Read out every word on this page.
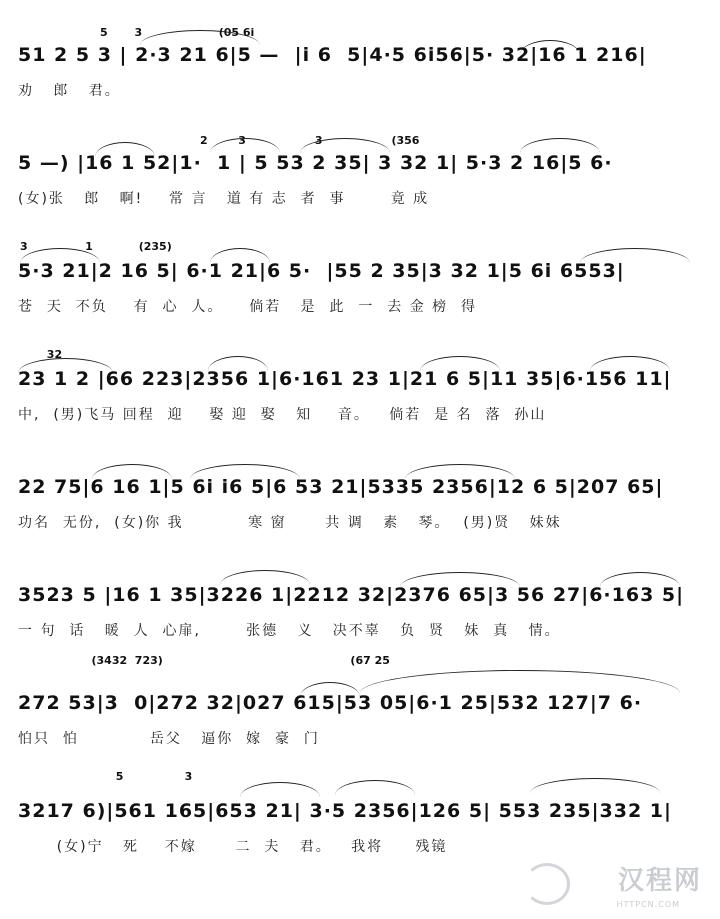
5       3                    (05 6i
51 2 5 3 | 2·3 21 6|5 —  |i 6  5|4·5 6i56|5· 32|16 1 216|
劝   郎   君。
2        3                  3                  (356
5 —) |16 1 52|1·  1 | 5 53 2 35| 3 32 1| 5·3 2 16|5 6·
(女)张   郎   啊!    常 言   道 有 志  者  事       竟 成
3               1            (235)
5·3 21|2 16 5| 6·1 21|6 5·  |55 2 35|3 32 1|5 6i 6553|
苍  天  不负    有  心  人。    倘若   是  此  一  去 金 榜  得
32
23 1 2 |66 223|2356 1|6·161 23 1|21 6 5|11 35|6·156 11|
中,  (男)飞马 回程  迎    娶 迎  娶   知    音。   倘若  是 名  落  孙山
22 75|6 16 1|5 6i i6 5|6 53 21|5335 2356|12 6 5|207 65|
功名  无份,  (女)你 我          寒 窗      共 调   素   琴。  (男)贤   妹妹
3523 5 |16 1 35|3226 1|2212 32|2376 65|3 56 27|6·163 5|
一 句  话   暖  人  心扉,       张德   义   决不辜   负  贤   妹  真   情。
(3432  723)                                                 (67 25
272 53|3  0|272 32|027 615|53 05|6·1 25|532 127|7 6·
怕只  怕           岳父   逼你  嫁  豪  门
5                3
3217 6)|561 165|653 21| 3·5 2356|126 5| 553 235|332 1|
(女)宁   死    不嫁      二  夫   君。   我将     残镜
汉程网
HTTPCN.COM
